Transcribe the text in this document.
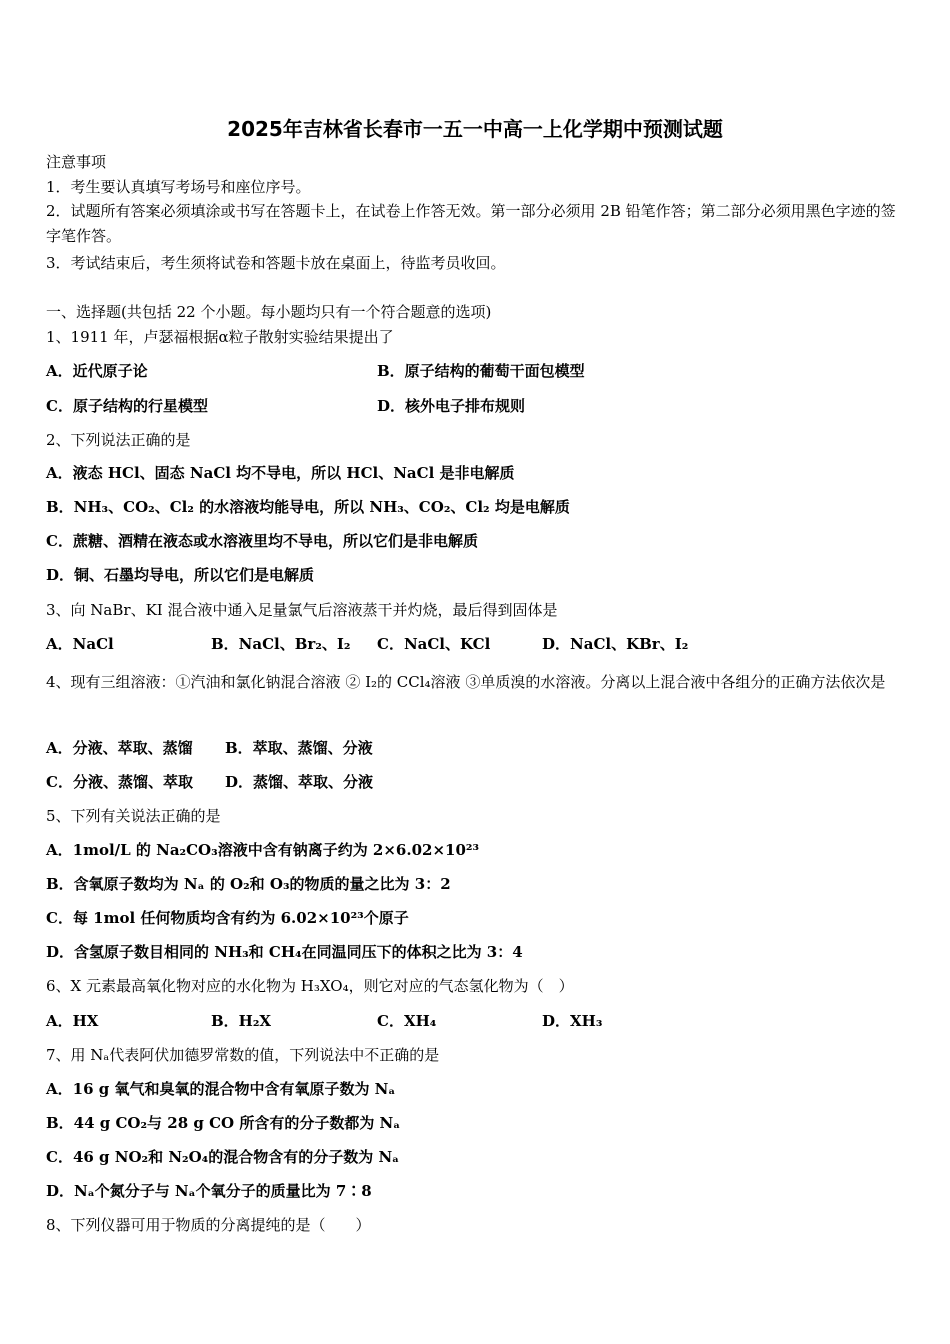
2025年吉林省长春市一五一中高一上化学期中预测试题
注意事项
1．考生要认真填写考场号和座位序号。
2．试题所有答案必须填涂或书写在答题卡上，在试卷上作答无效。第一部分必须用 2B 铅笔作答；第二部分必须用黑色字迹的签字笔作答。
3．考试结束后，考生须将试卷和答题卡放在桌面上，待监考员收回。
一、选择题(共包括 22 个小题。每小题均只有一个符合题意的选项)
1、1911 年，卢瑟福根据α粒子散射实验结果提出了
A．近代原子论	B．原子结构的葡萄干面包模型
C．原子结构的行星模型	D．核外电子排布规则
2、下列说法正确的是
A．液态 HCl、固态 NaCl 均不导电，所以 HCl、NaCl 是非电解质
B．NH₃、CO₂、Cl₂ 的水溶液均能导电，所以 NH₃、CO₂、Cl₂ 均是电解质
C．蔗糖、酒精在液态或水溶液里均不导电，所以它们是非电解质
D．铜、石墨均导电，所以它们是电解质
3、向 NaBr、KI 混合液中通入足量氯气后溶液蒸干并灼烧，最后得到固体是
A．NaCl	B．NaCl、Br₂、I₂ C．NaCl、KCl	D．NaCl、KBr、I₂
4、现有三组溶液：①汽油和氯化钠混合溶液 ② I₂的 CCl₄溶液 ③单质溴的水溶液。分离以上混合液中各组分的正确方法依次是
A．分液、萃取、蒸馏 B．萃取、蒸馏、分液
C．分液、蒸馏、萃取 D．蒸馏、萃取、分液
5、下列有关说法正确的是
A．1mol/L 的 Na₂CO₃溶液中含有钠离子约为 2×6.02×10²³
B．含氧原子数均为 Nₐ 的 O₂和 O₃的物质的量之比为 3：2
C．每 1mol 任何物质均含有约为 6.02×10²³个原子
D．含氢原子数目相同的 NH₃和 CH₄在同温同压下的体积之比为 3：4
6、X 元素最高氧化物对应的水化物为 H₃XO₄，则它对应的气态氢化物为（　）
A．HX	B．H₂X	C．XH₄	D．XH₃
7、用 Nₐ代表阿伏加德罗常数的值，下列说法中不正确的是
A．16 g 氧气和臭氧的混合物中含有氧原子数为 Nₐ
B．44 g CO₂与 28 g CO 所含有的分子数都为 Nₐ
C．46 g NO₂和 N₂O₄的混合物含有的分子数为 Nₐ
D．Nₐ个氮分子与 Nₐ个氧分子的质量比为 7∶8
8、下列仪器可用于物质的分离提纯的是（　　）
